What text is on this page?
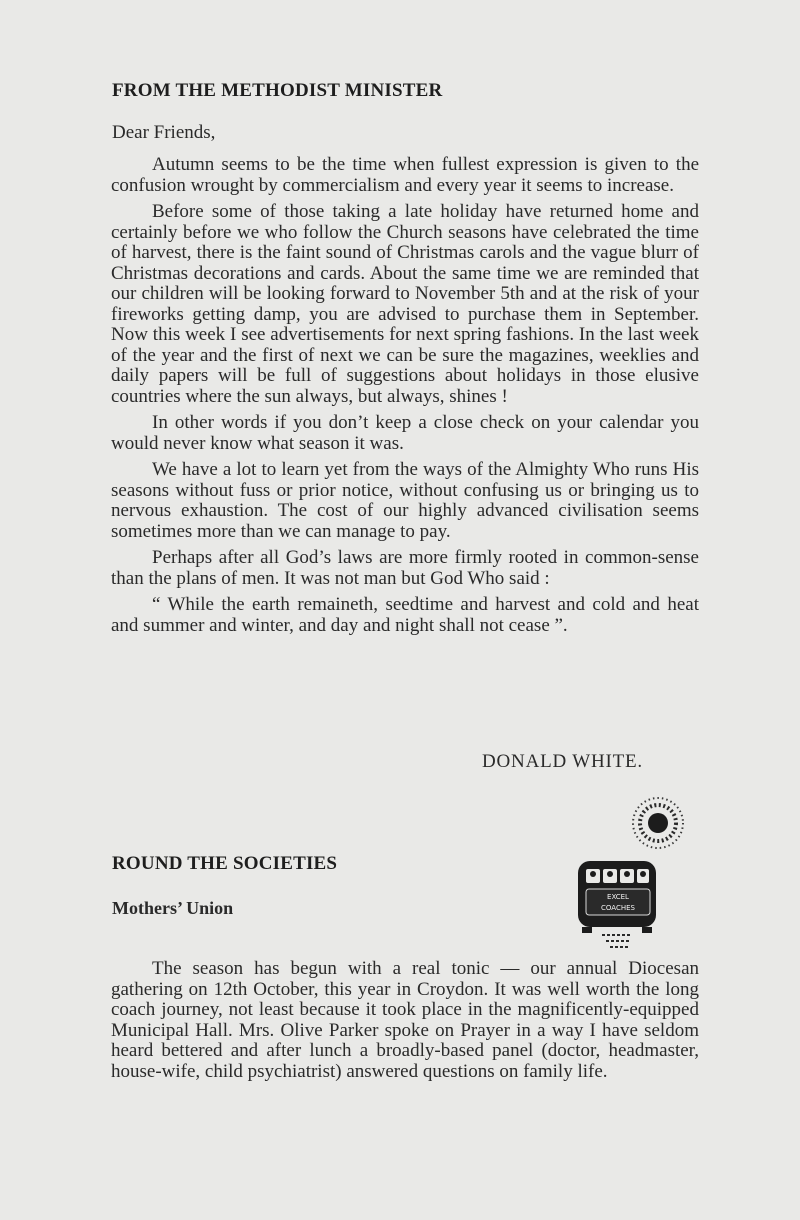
FROM THE METHODIST MINISTER

Dear Friends,

Autumn seems to be the time when fullest expression is given to the confusion wrought by commercialism and every year it seems to increase.

Before some of those taking a late holiday have returned home and certainly before we who follow the Church seasons have celebrated the time of harvest, there is the faint sound of Christmas carols and the vague blurr of Christmas decorations and cards. About the same time we are reminded that our children will be looking forward to November 5th and at the risk of your fireworks getting damp, you are advised to purchase them in September. Now this week I see advertisements for next spring fashions. In the last week of the year and the first of next we can be sure the magazines, weeklies and daily papers will be full of suggestions about holidays in those elusive countries where the sun always, but always, shines !

In other words if you don’t keep a close check on your calendar you would never know what season it was.

We have a lot to learn yet from the ways of the Almighty Who runs His seasons without fuss or prior notice, without confusing us or bringing us to nervous exhaustion. The cost of our highly advanced civilisation seems sometimes more than we can manage to pay.

Perhaps after all God’s laws are more firmly rooted in common-sense than the plans of men. It was not man but God Who said :

“ While the earth remaineth, seedtime and harvest and cold and heat and summer and winter, and day and night shall not cease ”.

DONALD WHITE.

ROUND THE SOCIETIES
Mothers’ Union
EXCEL
COACHES

The season has begun with a real tonic — our annual Diocesan gathering on 12th October, this year in Croydon. It was well worth the long coach journey, not least because it took place in the magnificently-equipped Municipal Hall. Mrs. Olive Parker spoke on Prayer in a way I have seldom heard bettered and after lunch a broadly-based panel (doctor, headmaster, house-wife, child psychiatrist) answered questions on family life.
